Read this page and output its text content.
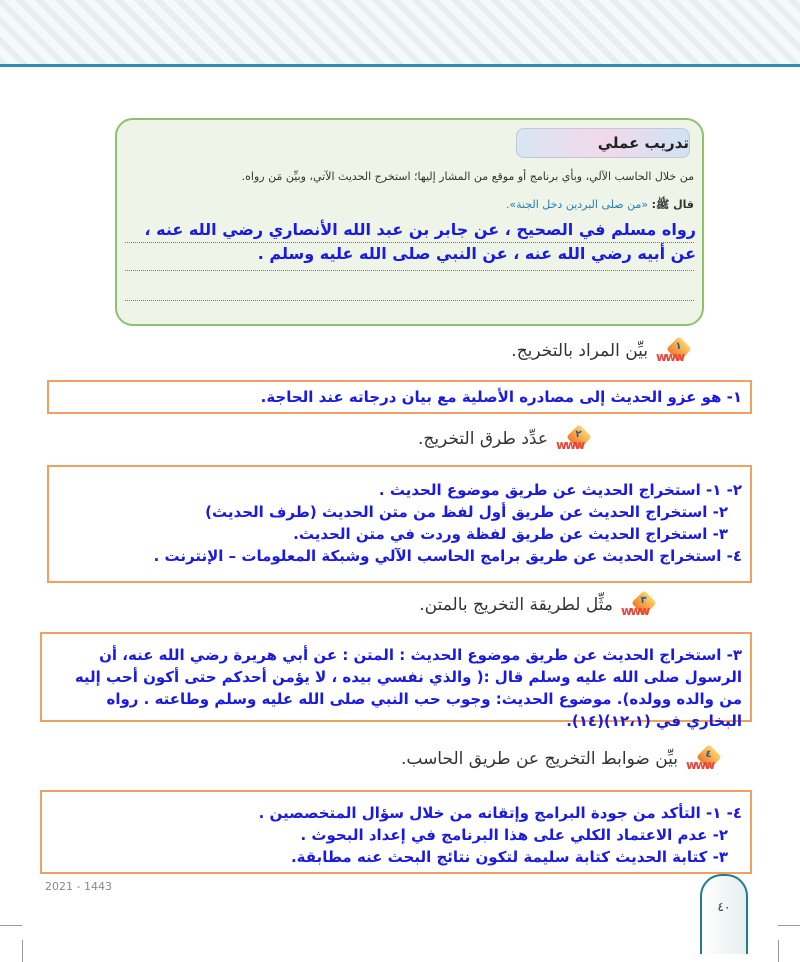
تدريب عملي
من خلال الحاسب الآلي، وبأي برنامج أو موقع من المشار إليها؛ استخرج الحديث الآتي، وبيِّن مَن رواه.
قال ﷺ: «من صلى البردين دخل الجنة».
رواه مسلم في الصحيح ، عن جابر بن عبد الله الأنصاري رضي الله عنه ، عن أبيه رضي الله عنه ، عن النبي صلى الله عليه وسلم .
١
www
بيِّن المراد بالتخريج.
١- هو عزو الحديث إلى مصادره الأصلية مع بيان درجاته عند الحاجة.
٢
www
عدِّد طرق التخريج.
٢- ١- استخراج الحديث عن طريق موضوع الحديث .
٢- استخراج الحديث عن طريق أول لفظ من متن الحديث (طرف الحديث)
٣- استخراج الحديث عن طريق لفظة وردت في متن الحديث.
٤- استخراج الحديث عن طريق برامج الحاسب الآلي وشبكة المعلومات – الإنترنت .
٣
www
مثِّل لطريقة التخريج بالمتن.
٣- استخراج الحديث عن طريق موضوع الحديث : المتن : عن أبي هريرة رضي الله عنه، أن الرسول صلى الله عليه وسلم قال :( والذي نفسي بيده ، لا يؤمن أحدكم حتى أكون أحب إليه من والده وولده). موضوع الحديث: وجوب حب النبي صلى الله عليه وسلم وطاعته . رواه البخاري في (١٢،١)(١٤).
٤
www
بيِّن ضوابط التخريج عن طريق الحاسب.
٤- ١- التأكد من جودة البرامج وإتقانه من خلال سؤال المتخصصين .
٢- عدم الاعتماد الكلي على هذا البرنامج في إعداد البحوث .
٣- كتابة الحديث كتابة سليمة لتكون نتائج البحث عنه مطابقة.
2021 - 1443
٤٠
